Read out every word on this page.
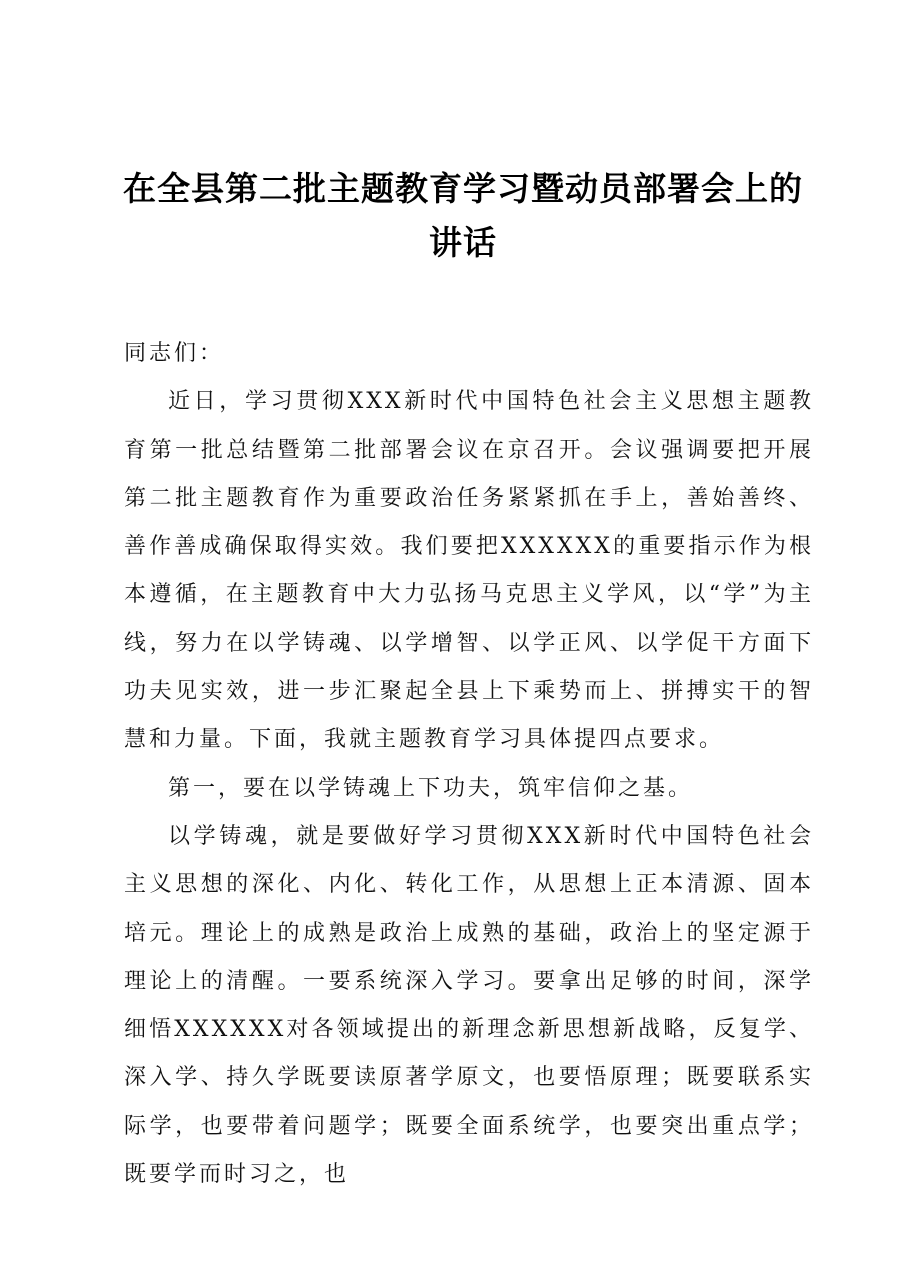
在全县第二批主题教育学习暨动员部署会上的讲话

同志们：

近日，学习贯彻XXX新时代中国特色社会主义思想主题教育第一批总结暨第二批部署会议在京召开。会议强调要把开展第二批主题教育作为重要政治任务紧紧抓在手上，善始善终、善作善成确保取得实效。我们要把XXXXXX的重要指示作为根本遵循，在主题教育中大力弘扬马克思主义学风，以“学”为主线，努力在以学铸魂、以学增智、以学正风、以学促干方面下功夫见实效，进一步汇聚起全县上下乘势而上、拼搏实干的智慧和力量。下面，我就主题教育学习具体提四点要求。

第一，要在以学铸魂上下功夫，筑牢信仰之基。

以学铸魂，就是要做好学习贯彻XXX新时代中国特色社会主义思想的深化、内化、转化工作，从思想上正本清源、固本培元。理论上的成熟是政治上成熟的基础，政治上的坚定源于理论上的清醒。一要系统深入学习。要拿出足够的时间，深学细悟XXXXXX对各领域提出的新理念新思想新战略，反复学、深入学、持久学既要读原著学原文，也要悟原理；既要联系实际学，也要带着问题学；既要全面系统学，也要突出重点学；既要学而时习之，也
